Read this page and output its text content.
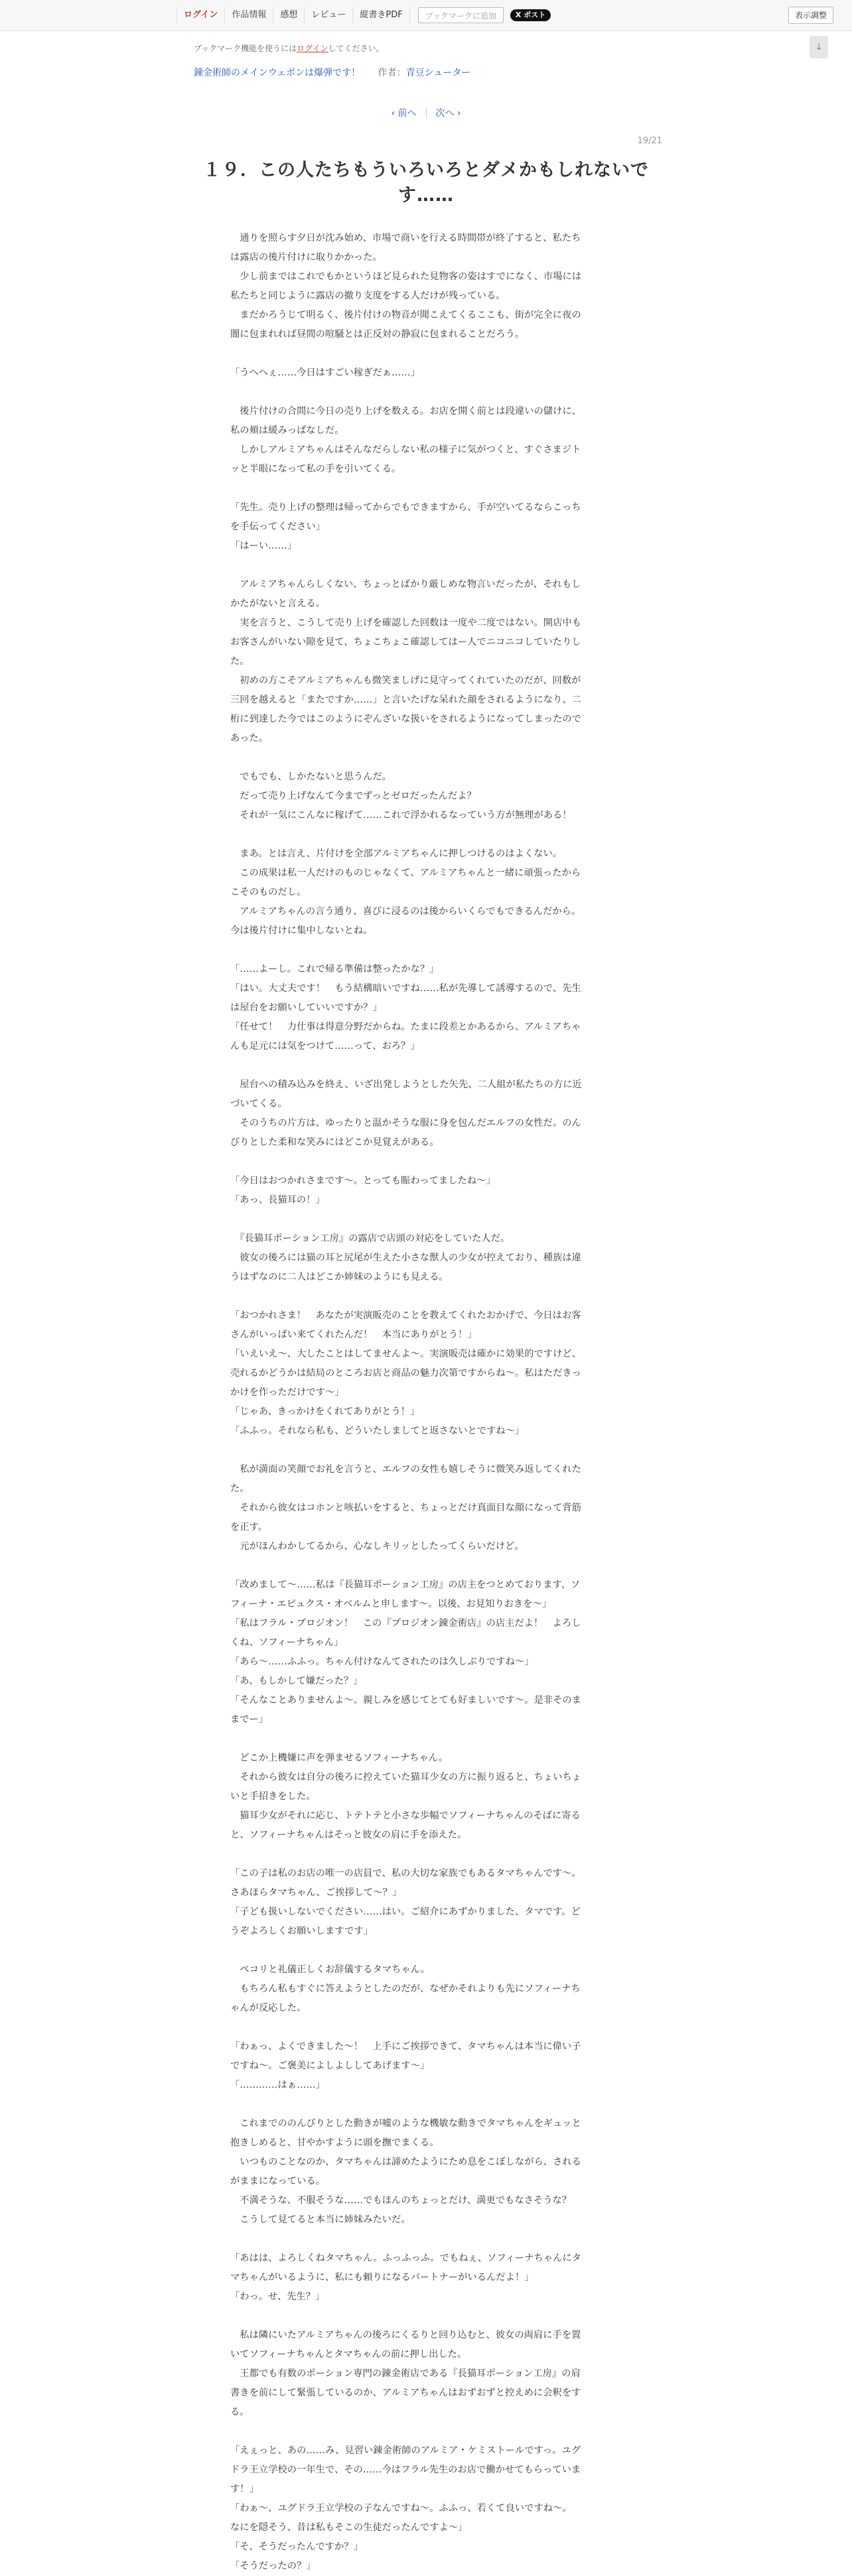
ログイン	作品情報	感想	レビュー	縦書きPDF	ブックマークに追加	X ポスト	表示調整
↓
ブックマーク機能を使うにはログインしてください。
錬金術師のメインウェポンは爆弾です！ 作者：青豆シューター
‹ 前へ 次へ ›
19/21
１９．この人たちもういろいろとダメかもしれないです……
　通りを照らす夕日が沈み始め、市場で商いを行える時間帯が終了すると、私たち
は露店の後片付けに取りかかった。
　少し前まではこれでもかというほど見られた見物客の姿はすでになく、市場には
私たちと同じように露店の撤り支度をする人だけが残っている。
　まだかろうじて明るく、後片付けの物音が聞こえてくるここも、街が完全に夜の
闇に包まれれば昼間の喧騒とは正反対の静寂に包まれることだろう。

「うへへぇ……今日はすごい稼ぎだぁ……」

　後片付けの合間に今日の売り上げを数える。お店を開く前とは段違いの儲けに、
私の頬は緩みっぱなしだ。
　しかしアルミアちゃんはそんなだらしない私の様子に気がつくと、すぐさまジト
ッと半眼になって私の手を引いてくる。

「先生。売り上げの整理は帰ってからでもできますから、手が空いてるならこっち
を手伝ってください」
「はーい……」

　アルミアちゃんらしくない、ちょっとばかり厳しめな物言いだったが、それもし
かたがないと言える。
　実を言うと、こうして売り上げを確認した回数は一度や二度ではない。開店中も
お客さんがいない隙を見て、ちょこちょこ確認してはー人でニコニコしていたりし
た。
　初めの方こそアルミアちゃんも微笑ましげに見守ってくれていたのだが、回数が
三回を越えると「またですか……」と言いたげな呆れた顔をされるようになり、二
桁に到達した今ではこのようにぞんざいな扱いをされるようになってしまったので
あった。

　でもでも、しかたないと思うんだ。
　だって売り上げなんて今までずっとゼロだったんだよ？
　それが一気にこんなに稼げて……これで浮かれるなっていう方が無理がある！

　まあ。とは言え、片付けを全部アルミアちゃんに押しつけるのはよくない。
　この成果は私一人だけのものじゃなくて、アルミアちゃんと一緒に頑張ったから
こそのものだし。
　アルミアちゃんの言う通り、喜びに浸るのは後からいくらでもできるんだから。
今は後片付けに集中しないとね。

「……よーし。これで帰る準備は整ったかな？」
「はい。大丈夫です！　もう結構暗いですね……私が先導して誘導するので、先生
は屋台をお願いしていいですか？」
「任せて！　力仕事は得意分野だからね。たまに段差とかあるから、アルミアちゃ
んも足元には気をつけて……って、おろ？」

　屋台への積み込みを終え、いざ出発しようとした矢先、二人組が私たちの方に近
づいてくる。
　そのうちの片方は、ゆったりと温かそうな服に身を包んだエルフの女性だ。のん
びりとした柔和な笑みにはどこか見覚えがある。

「今日はおつかれさまです〜。とっても賑わってましたね〜」
「あっ、長猫耳の！」

　『長猫耳ポーション工房』の露店で店頭の対応をしていた人だ。
　彼女の後ろには猫の耳と尻尾が生えた小さな獣人の少女が控えており、種族は違
うはずなのに二人はどこか姉妹のようにも見える。

「おつかれさま！　あなたが実演販売のことを教えてくれたおかげで、今日はお客
さんがいっぱい来てくれたんだ！　本当にありがとう！」
「いえいえ〜、大したことはしてませんよ〜。実演販売は確かに効果的ですけど、
売れるかどうかは結局のところお店と商品の魅力次第ですからね〜。私はただきっ
かけを作っただけです〜」
「じゃあ、きっかけをくれてありがとう！」
「ふふっ。それなら私も、どういたしましてと返さないとですね〜」

　私が満面の笑顔でお礼を言うと、エルフの女性も嬉しそうに微笑み返してくれた
た。
　それから彼女はコホンと咳払いをすると、ちょっとだけ真面目な顔になって背筋
を正す。
　元がほんわかしてるから、心なしキリッとしたってくらいだけど。

「改めまして〜……私は『長猫耳ポーション工房』の店主をつとめております、ソ
フィーナ・エピュクス・オベルムと申します〜。以後、お見知りおきを〜」
「私はフラル・プロジオン！　この『プロジオン錬金術店』の店主だよ！　よろし
くね、ソフィーナちゃん」
「あら〜……ふふっ。ちゃん付けなんてされたのは久しぶりですね〜」
「あ、もしかして嫌だった？」
「そんなことありませんよ〜。親しみを感じてとても好ましいです〜。是非そのま
までー」

　どこか上機嫌に声を弾ませるソフィーナちゃん。
　それから彼女は自分の後ろに控えていた猫耳少女の方に振り返ると、ちょいちょ
いと手招きをした。
　猫耳少女がそれに応じ、トテトテと小さな歩幅でソフィーナちゃんのそばに寄る
と、ソフィーナちゃんはそっと彼女の肩に手を添えた。

「この子は私のお店の唯一の店員で、私の大切な家族でもあるタマちゃんです〜。
さあほらタマちゃん、ご挨拶して〜？」
「子ども扱いしないでください……はい。ご紹介にあずかりました、タマです。ど
うぞよろしくお願いしますです」

　ペコリと礼儀正しくお辞儀するタマちゃん。
　もちろん私もすぐに答えようとしたのだが、なぜかそれよりも先にソフィーナち
ゃんが反応した。

「わぁっ、よくできました〜！　上手にご挨拶できて、タマちゃんは本当に偉い子
ですね〜。ご褒美によしよししてあげます〜」
「…………はぁ……」

　これまでののんびりとした動きが嘘のような機敏な動きでタマちゃんをギュッと
抱きしめると、甘やかすように頭を撫でまくる。
　いつものことなのか、タマちゃんは諦めたようにため息をこぼしながら、される
がままになっている。
　不満そうな、不服そうな……でもほんのちょっとだけ、満更でもなさそうな？
　こうして見てると本当に姉妹みたいだ。

「あはは、よろしくねタマちゃん。ふっふっふ。でもねぇ、ソフィーナちゃんにタ
マちゃんがいるように、私にも頼りになるパートナーがいるんだよ！」
「わっ。せ、先生？」

　私は隣にいたアルミアちゃんの後ろにくるりと回り込むと、彼女の両肩に手を置
いてソフィーナちゃんとタマちゃんの前に押し出した。
　王都でも有数のポーション専門の錬金術店である『長猫耳ポーション工房』の肩
書きを前にして緊張しているのか、アルミアちゃんはおずおずと控えめに会釈をす
る。

「えぇっと、あの……み、見習い錬金術師のアルミア・ケミストールですっ。ユグ
ドラ王立学校の一年生で、その……今はフラル先生のお店で働かせてもらっていま
す！」
「わぁ〜、ユグドラ王立学校の子なんですね〜。ふふっ、若くて良いですね〜。
なにを隠そう、昔は私もそこの生徒だったんですよ〜」
「そ、そうだったんですか？」
「そうだったの？」
